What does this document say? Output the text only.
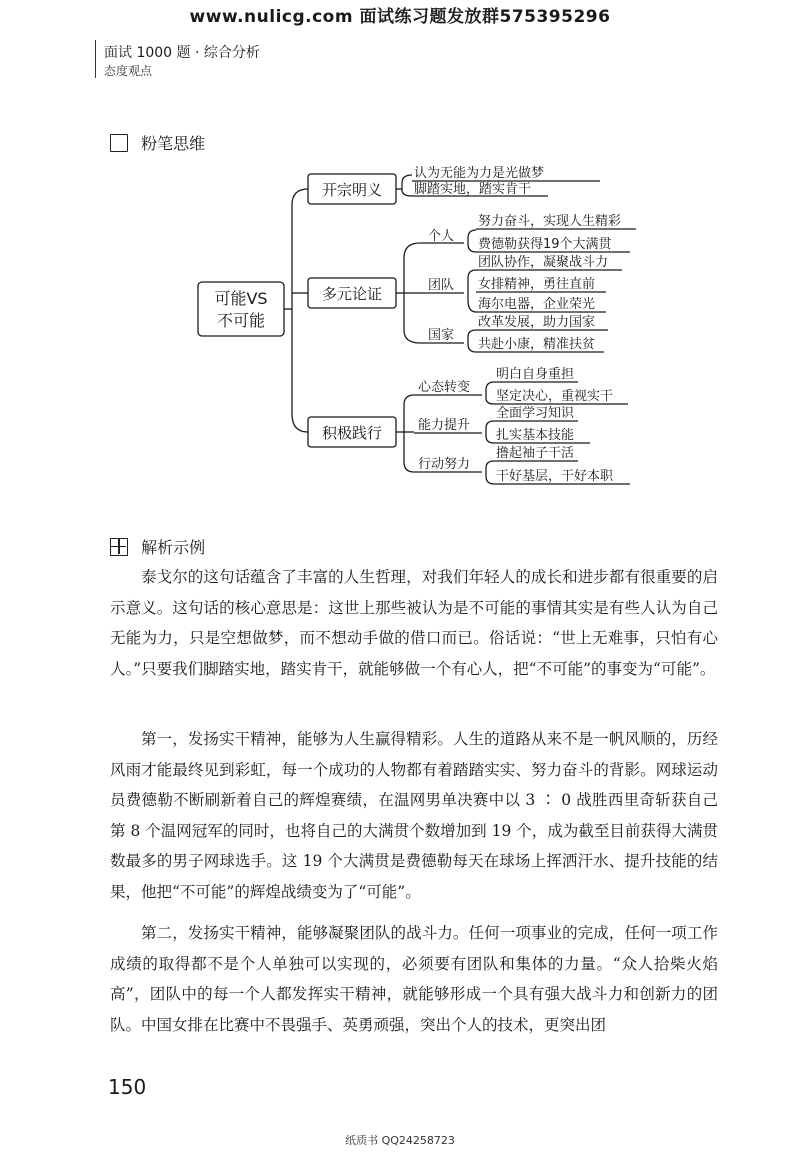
www.nulicg.com 面试练习题发放群575395296
面试 1000 题 · 综合分析
态度观点
粉笔思维
可能VS
不可能
开宗明义
多元论证
积极践行
认为无能为力是光做梦
脚踏实地，踏实肯干
个人
团队
国家
努力奋斗，实现人生精彩
费德勒获得19个大满贯
团队协作，凝聚战斗力
女排精神，勇往直前
海尔电器，企业荣光
改革发展，助力国家
共赴小康，精准扶贫
心态转变
能力提升
行动努力
明白自身重担
坚定决心，重视实干
全面学习知识
扎实基本技能
撸起袖子干活
干好基层，干好本职
解析示例

泰戈尔的这句话蕴含了丰富的人生哲理，对我们年轻人的成长和进步都有很重要的启示意义。这句话的核心意思是：这世上那些被认为是不可能的事情其实是有些人认为自己无能为力，只是空想做梦，而不想动手做的借口而已。俗话说：“世上无难事，只怕有心人。”只要我们脚踏实地，踏实肯干，就能够做一个有心人，把“不可能”的事变为“可能”。

第一，发扬实干精神，能够为人生赢得精彩。人生的道路从来不是一帆风顺的，历经风雨才能最终见到彩虹，每一个成功的人物都有着踏踏实实、努力奋斗的背影。网球运动员费德勒不断刷新着自己的辉煌赛绩，在温网男单决赛中以 3 ∶ 0 战胜西里奇斩获自己第 8 个温网冠军的同时，也将自己的大满贯个数增加到 19 个，成为截至目前获得大满贯数最多的男子网球选手。这 19 个大满贯是费德勒每天在球场上挥洒汗水、提升技能的结果，他把“不可能”的辉煌战绩变为了“可能”。

第二，发扬实干精神，能够凝聚团队的战斗力。任何一项事业的完成，任何一项工作成绩的取得都不是个人单独可以实现的，必须要有团队和集体的力量。“众人拾柴火焰高”，团队中的每一个人都发挥实干精神，就能够形成一个具有强大战斗力和创新力的团队。中国女排在比赛中不畏强手、英勇顽强，突出个人的技术，更突出团

150
纸质书 QQ24258723
